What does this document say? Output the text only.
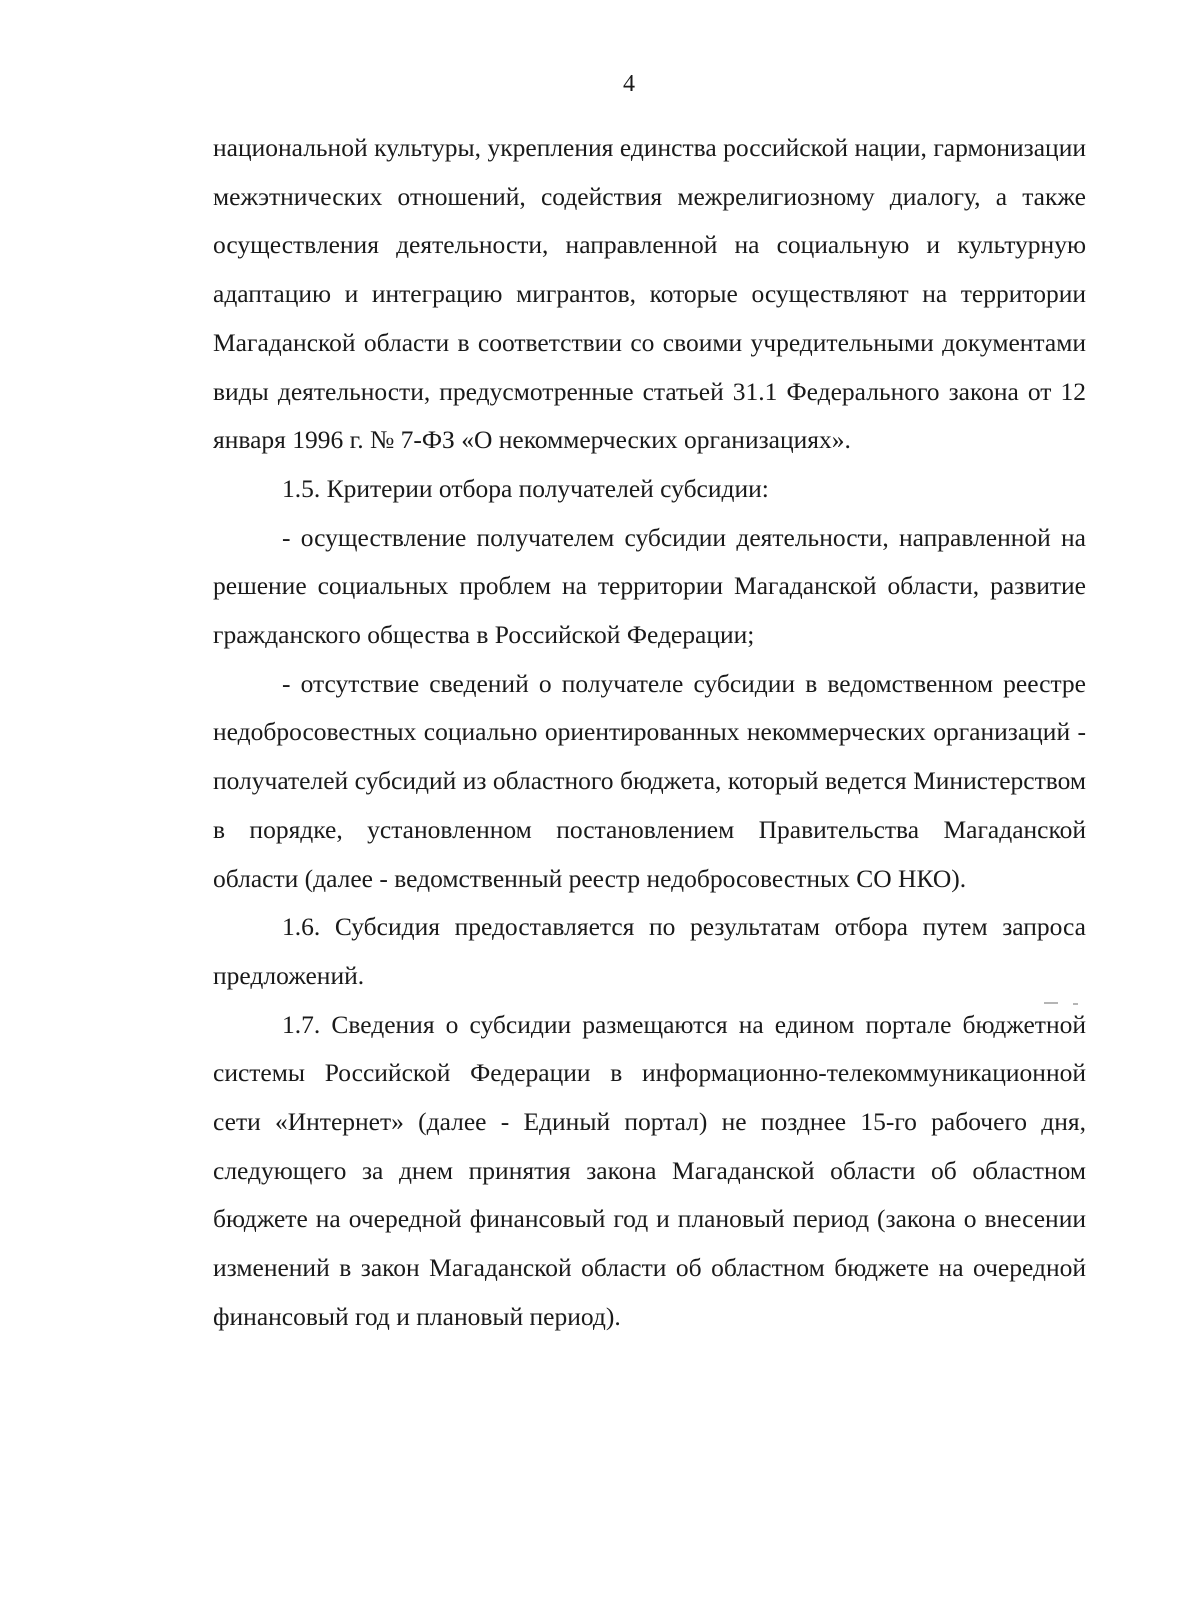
4

национальной культуры, укрепления единства российской нации, гармонизации межэтнических отношений, содействия межрелигиозному диалогу, а также осуществления деятельности, направленной на социальную и культурную адаптацию и интеграцию мигрантов, которые осуществляют на территории Магаданской области в соответствии со своими учредительными документами виды деятельности, предусмотренные статьей 31.1 Федерального закона от 12 января 1996 г. № 7-ФЗ «О некоммерческих организациях».

1.5. Критерии отбора получателей субсидии:

- осуществление получателем субсидии деятельности, направленной на решение социальных проблем на территории Магаданской области, развитие гражданского общества в Российской Федерации;

- отсутствие сведений о получателе субсидии в ведомственном реестре недобросовестных социально ориентированных некоммерческих организаций - получателей субсидий из областного бюджета, который ведется Министерством в порядке, установленном постановлением Правительства Магаданской области (далее - ведомственный реестр недобросовестных СО НКО).

1.6. Субсидия предоставляется по результатам отбора путем запроса предложений.

1.7. Сведения о субсидии размещаются на едином портале бюджетной системы Российской Федерации в информационно-телекоммуникационной сети «Интернет» (далее - Единый портал) не позднее 15-го рабочего дня, следующего за днем принятия закона Магаданской области об областном бюджете на очередной финансовый год и плановый период (закона о внесении изменений в закон Магаданской области об областном бюджете на очередной финансовый год и плановый период).
